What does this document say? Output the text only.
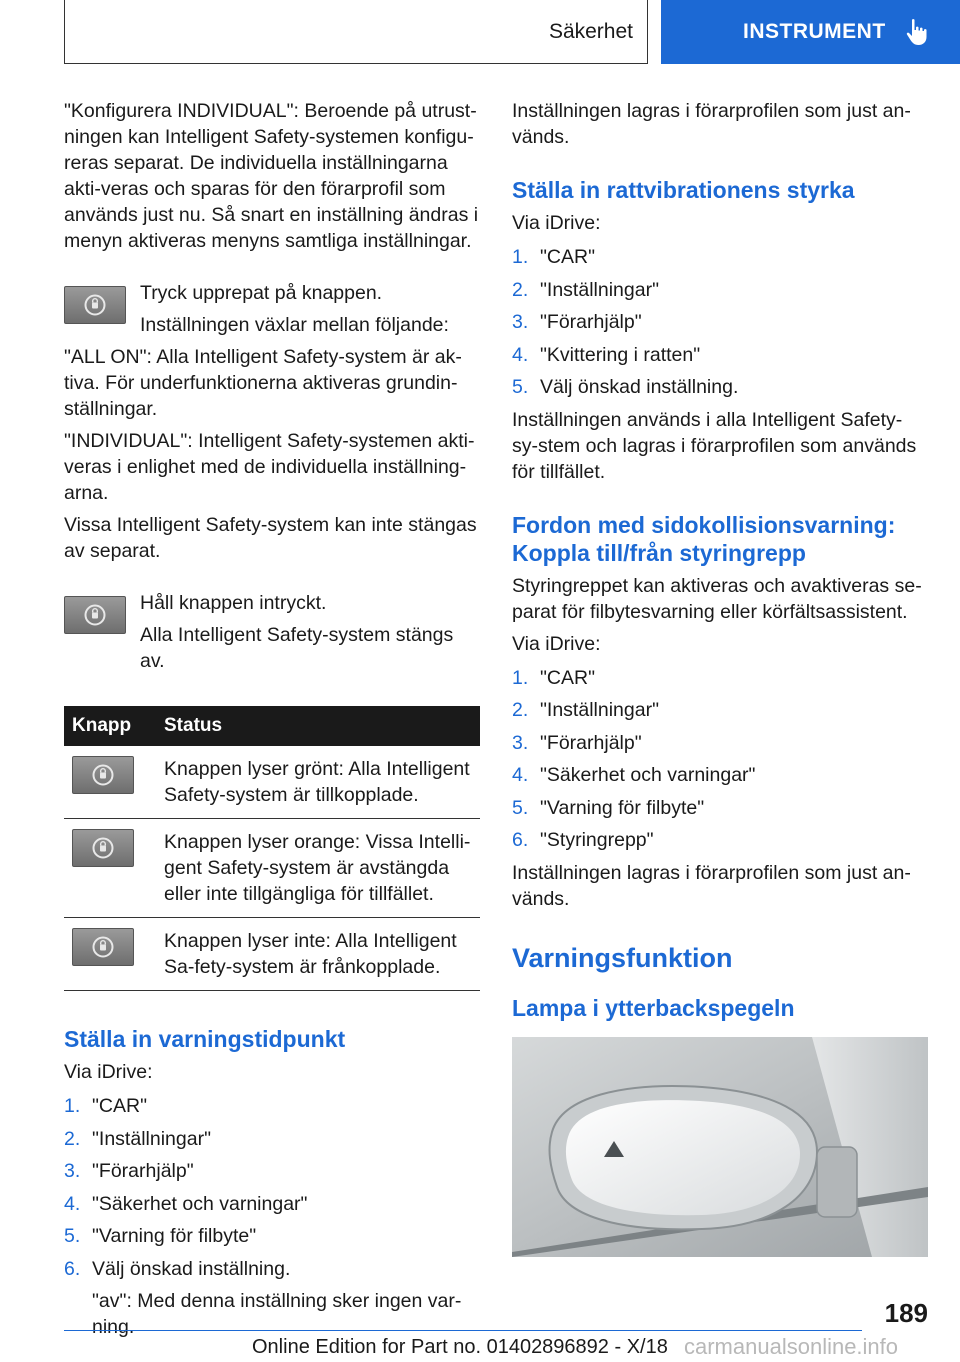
Säkerhet	INSTRUMENT

"Konfigurera INDIVIDUAL": Beroende på utrust-ningen kan Intelligent Safety-systemen konfigu-reras separat. De individuella inställningarna akti-veras och sparas för den förarprofil som används just nu. Så snart en inställning ändras i menyn aktiveras menyns samtliga inställningar.

Tryck upprepat på knappen.

Inställningen växlar mellan följande:

"ALL ON": Alla Intelligent Safety-system är ak-tiva. För underfunktionerna aktiveras grundin-ställningar.

"INDIVIDUAL": Intelligent Safety-systemen akti-veras i enlighet med de individuella inställning-arna.

Vissa Intelligent Safety-system kan inte stängas av separat.

Håll knappen intryckt.

Alla Intelligent Safety-system stängs av.

Knapp	Status

	Knappen lyser grönt: Alla Intelligent Safety-system är tillkopplade.

	Knappen lyser orange: Vissa Intelli-gent Safety-system är avstängda eller inte tillgängliga för tillfället.

	Knappen lyser inte: Alla Intelligent Sa-fety-system är frånkopplade.
Ställa in varningstidpunkt

Via iDrive:

1. "CAR"
2. "Inställningar"
3. "Förarhjälp"
4. "Säkerhet och varningar"
5. "Varning för filbyte"
6. Välj önskad inställning.
"av": Med denna inställning sker ingen var-ning.

Inställningen lagras i förarprofilen som just an-vänds.

Ställa in rattvibrationens styrka

Via iDrive:

1. "CAR"
2. "Inställningar"
3. "Förarhjälp"
4. "Kvittering i ratten"
5. Välj önskad inställning.

Inställningen används i alla Intelligent Safety-sy-stem och lagras i förarprofilen som används för tillfället.

Fordon med sidokollisionsvarning: Koppla till/från styringrepp

Styringreppet kan aktiveras och avaktiveras se-parat för filbytesvarning eller körfältsassistent.

Via iDrive:

1. "CAR"
2. "Inställningar"
3. "Förarhjälp"
4. "Säkerhet och varningar"
5. "Varning för filbyte"
6. "Styringrepp"

Inställningen lagras i förarprofilen som just an-vänds.

Varningsfunktion
Lampa i ytterbackspegeln
189
Online Edition for Part no. 01402896892 - X/18 carmanualsonline.info
